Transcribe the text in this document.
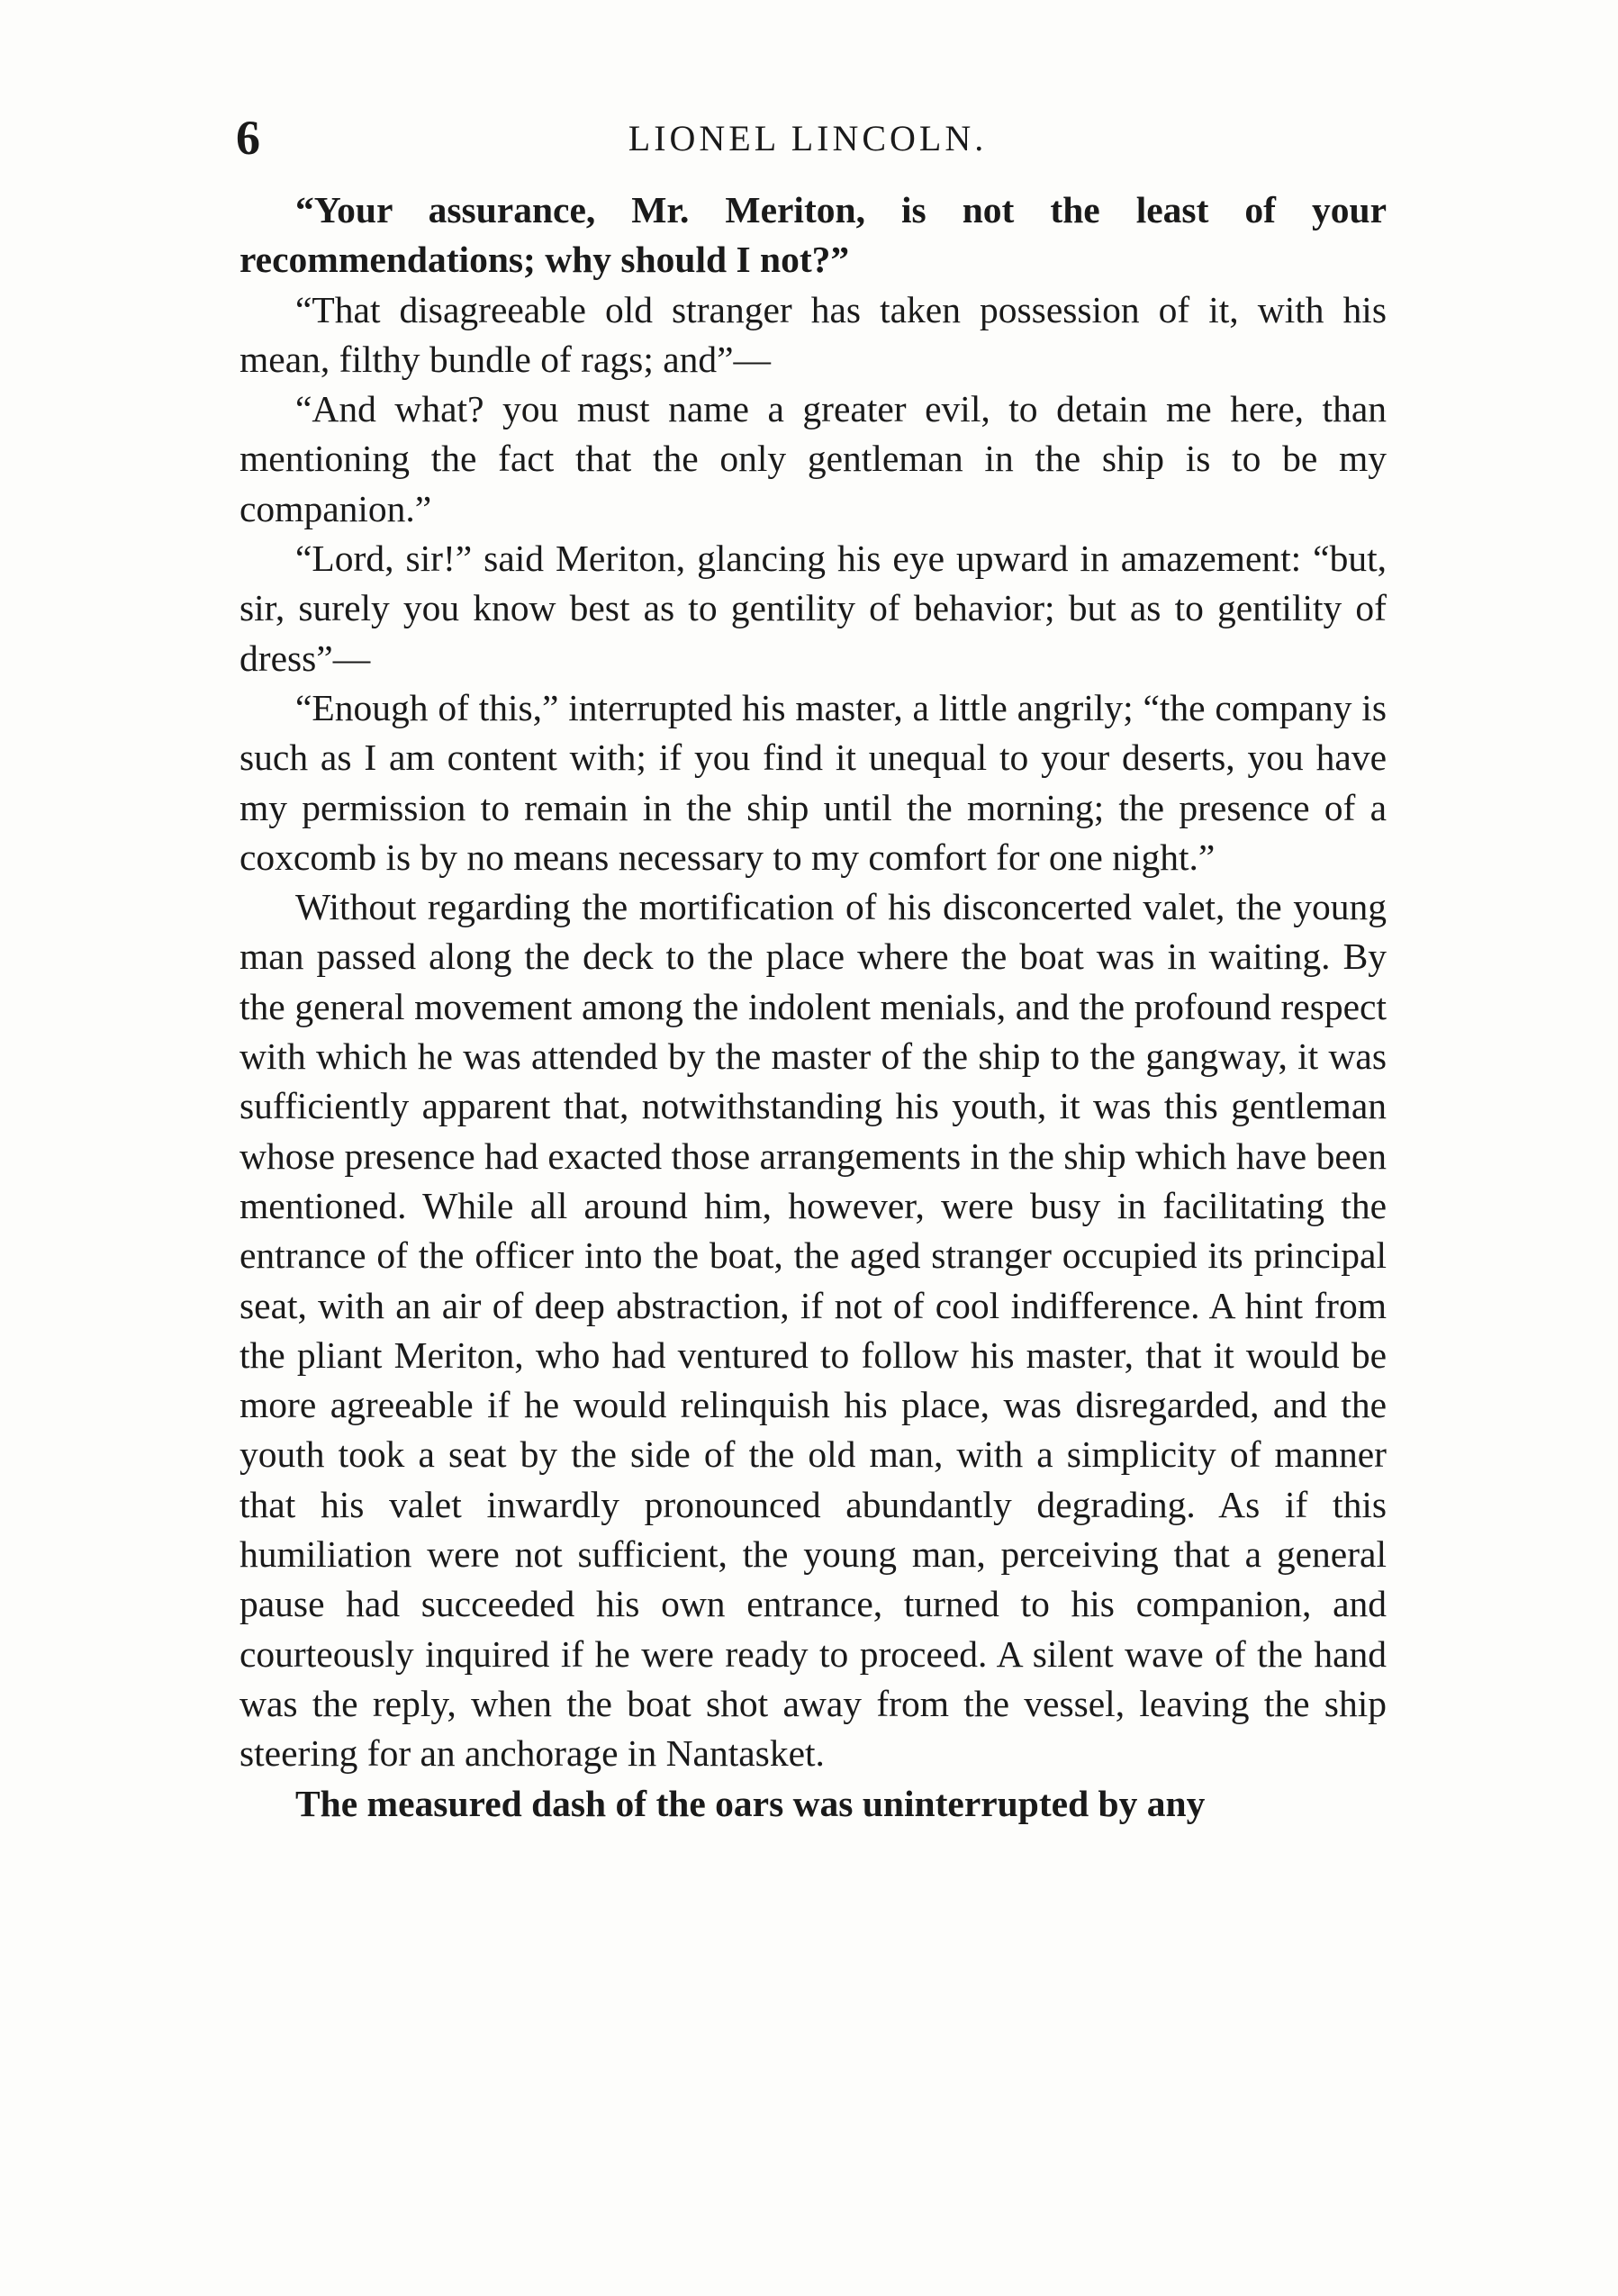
6	LIONEL LINCOLN.

“Your assurance, Mr. Meriton, is not the least of your recommendations; why should I not?”

“That disagreeable old stranger has taken possession of it, with his mean, filthy bundle of rags; and”—

“And what? you must name a greater evil, to detain me here, than mentioning the fact that the only gentleman in the ship is to be my companion.”

“Lord, sir!” said Meriton, glancing his eye upward in amazement: “but, sir, surely you know best as to gentility of behavior; but as to gentility of dress”—

“Enough of this,” interrupted his master, a little angrily; “the company is such as I am content with; if you find it unequal to your deserts, you have my permission to remain in the ship until the morning; the presence of a coxcomb is by no means necessary to my comfort for one night.”

Without regarding the mortification of his disconcerted valet, the young man passed along the deck to the place where the boat was in waiting. By the general movement among the indolent menials, and the profound respect with which he was attended by the master of the ship to the gangway, it was sufficiently apparent that, notwithstanding his youth, it was this gentleman whose presence had exacted those arrangements in the ship which have been mentioned. While all around him, however, were busy in facilitating the entrance of the officer into the boat, the aged stranger occupied its principal seat, with an air of deep abstraction, if not of cool indifference. A hint from the pliant Meriton, who had ventured to follow his master, that it would be more agreeable if he would relinquish his place, was disregarded, and the youth took a seat by the side of the old man, with a simplicity of manner that his valet inwardly pronounced abundantly degrading. As if this humiliation were not sufficient, the young man, perceiving that a general pause had succeeded his own entrance, turned to his companion, and courteously inquired if he were ready to proceed. A silent wave of the hand was the reply, when the boat shot away from the vessel, leaving the ship steering for an anchorage in Nantasket.

The measured dash of the oars was uninterrupted by any
